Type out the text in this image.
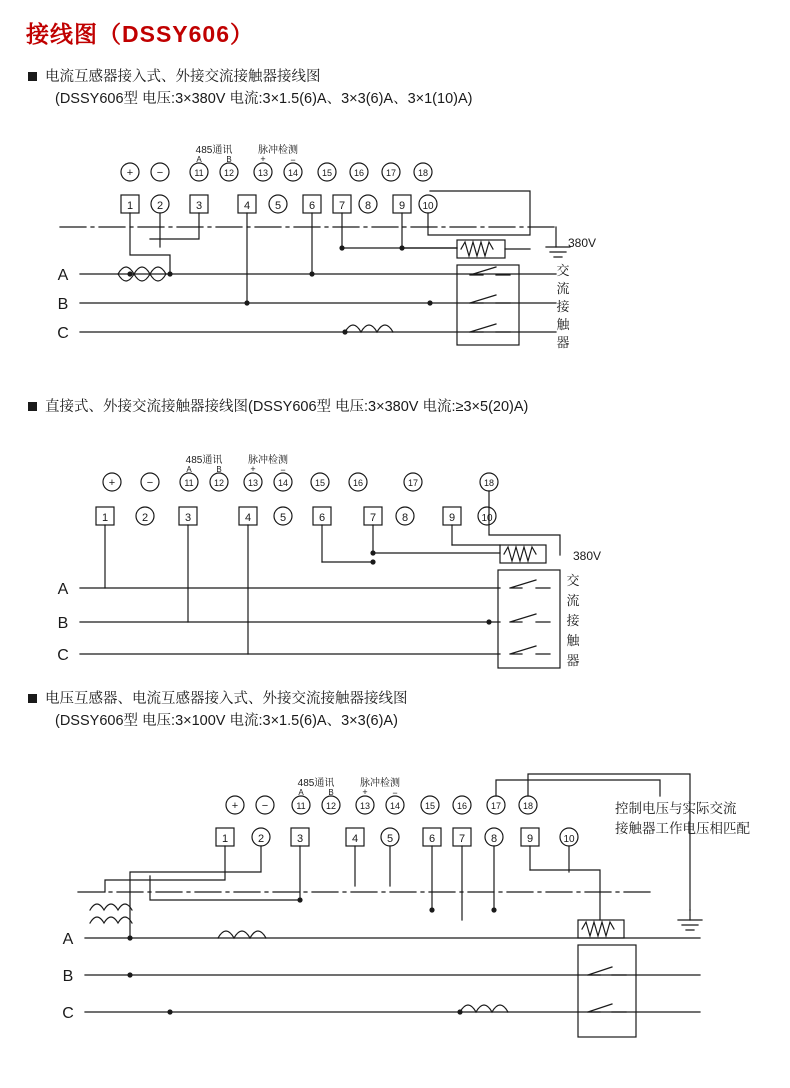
接线图（DSSY606）
电流互感器接入式、外接交流接触器接线图
(DSSY606型 电压:3×380V 电流:3×1.5(6)A、3×3(6)A、3×1(10)A)
+ −	11 12	13 14	15 16 17 18
1 2	3	4 5	6 7 8	9 10
485通讯
A	B
脉冲检测
+	−
380V
A
B
C
交
流
接
触
器
直接式、外接交流接触器接线图(DSSY606型 电压:3×380V 电流:≥3×5(20)A)
+	−	11 12	13 14	15	16	17	18
1	2	3	4	5	6	7 8	9	10
485通讯
A	B
脉冲检测
+	−
380V
A
B
C
交
流
接
触
器
电压互感器、电流互感器接入式、外接交流接触器接线图
(DSSY606型 电压:3×100V 电流:3×1.5(6)A、3×3(6)A)
+ −	11 12	13 14	15 16	17 18
1	2	3	4	5	6 7 8	9	10
485通讯
A	B
脉冲检测
+	−
A
B
C
控制电压与实际交流
接触器工作电压相匹配
